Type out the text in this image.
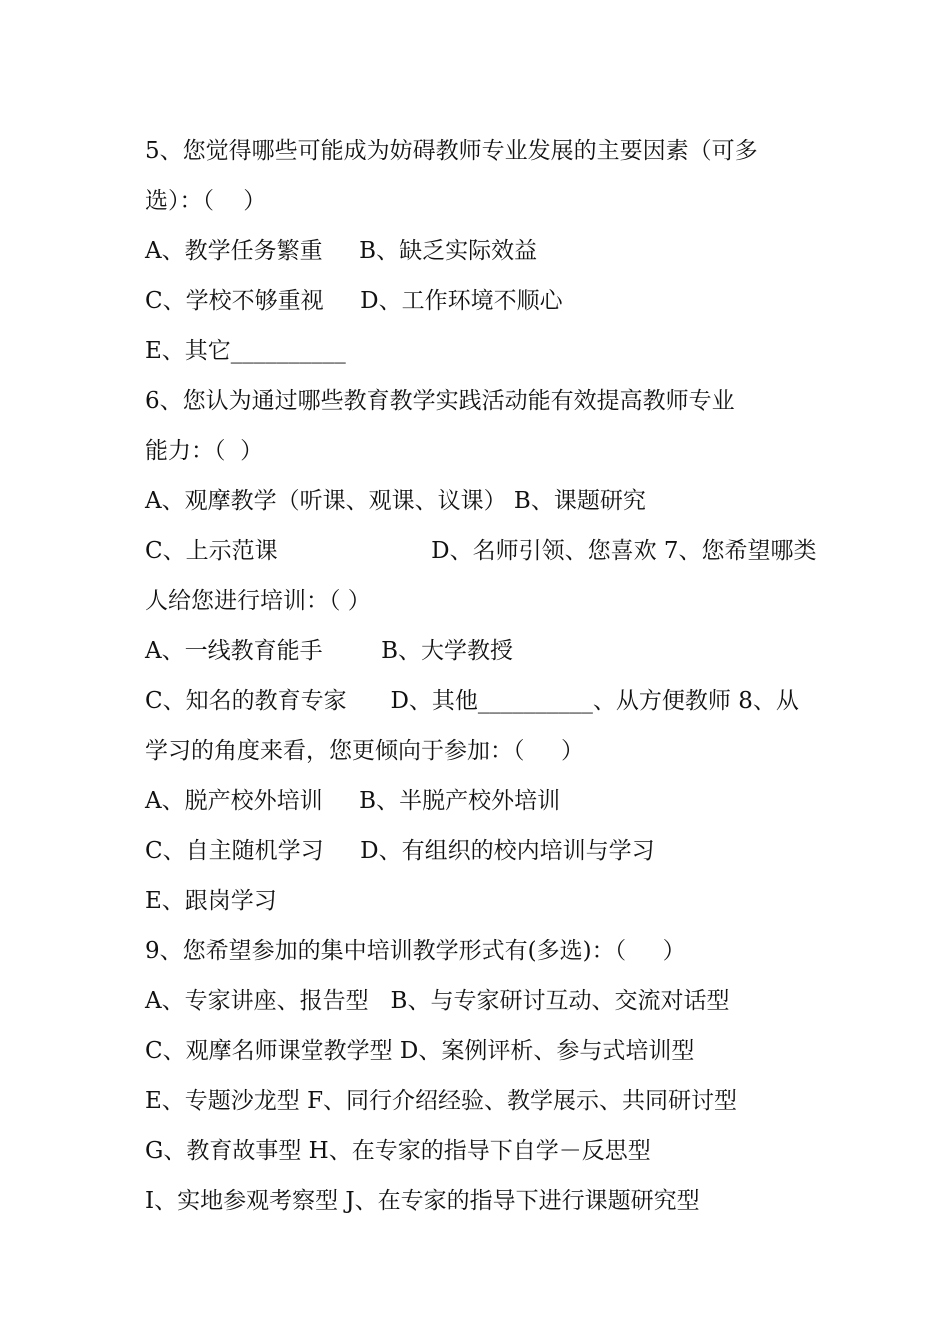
5、您觉得哪些可能成为妨碍教师专业发展的主要因素（可多
选）：（    ）
A、教学任务繁重     B、缺乏实际效益
C、学校不够重视     D、工作环境不顺心
E、其它__________
6、您认为通过哪些教育教学实践活动能有效提高教师专业
能力：（  ）
A、观摩教学（听课、观课、议课） B、课题研究
C、上示范课                     D、名师引领、您喜欢 7、您希望哪类
人给您进行培训：（ ）
A、一线教育能手        B、大学教授
C、知名的教育专家      D、其他__________、从方便教师 8、从
学习的角度来看，您更倾向于参加：（     ）
A、脱产校外培训     B、半脱产校外培训
C、自主随机学习     D、有组织的校内培训与学习
E、跟岗学习
9、您希望参加的集中培训教学形式有(多选)：（     ）
A、专家讲座、报告型   B、与专家研讨互动、交流对话型
C、观摩名师课堂教学型 D、案例评析、参与式培训型
E、专题沙龙型 F、同行介绍经验、教学展示、共同研讨型
G、教育故事型 H、在专家的指导下自学－反思型
I、实地参观考察型 J、在专家的指导下进行课题研究型
